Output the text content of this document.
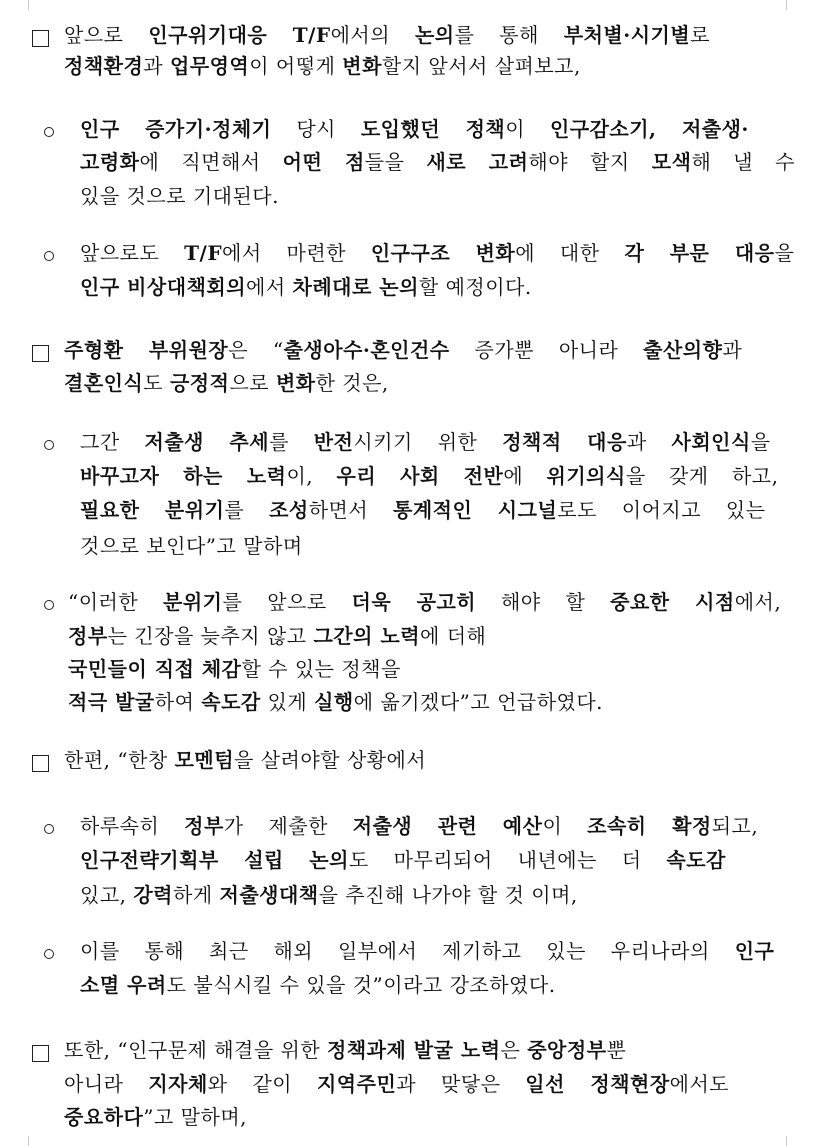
앞으로 인구위기대응 T/F에서의 논의를 통해 부처별·시기별로
정책환경과 업무영역이 어떻게 변화할지 앞서서 살펴보고,
인구 증가기·정체기 당시 도입했던 정책이 인구감소기, 저출생·
고령화에 직면해서 어떤 점들을 새로 고려해야 할지 모색해 낼 수
있을 것으로 기대된다.
앞으로도 T/F에서 마련한 인구구조 변화에 대한 각 부문 대응을
인구 비상대책회의에서 차례대로 논의할 예정이다.
주형환 부위원장은 “출생아수·혼인건수 증가뿐 아니라 출산의향과
결혼인식도 긍정적으로 변화한 것은,
그간 저출생 추세를 반전시키기 위한 정책적 대응과 사회인식을
바꾸고자 하는 노력이, 우리 사회 전반에 위기의식을 갖게 하고,
필요한 분위기를 조성하면서 통계적인 시그널로도 이어지고 있는
것으로 보인다”고 말하며
“이러한 분위기를 앞으로 더욱 공고히 해야 할 중요한 시점에서,
정부는 긴장을 늦추지 않고 그간의 노력에 더해
국민들이 직접 체감할 수 있는 정책을
적극 발굴하여 속도감 있게 실행에 옮기겠다”고 언급하였다.
한편, “한창 모멘텀을 살려야할 상황에서
하루속히 정부가 제출한 저출생 관련 예산이 조속히 확정되고,
인구전략기획부 설립 논의도 마무리되어 내년에는 더 속도감
있고, 강력하게 저출생대책을 추진해 나가야 할 것 이며,
이를 통해 최근 해외 일부에서 제기하고 있는 우리나라의 인구
소멸 우려도 불식시킬 수 있을 것”이라고 강조하였다.
또한, “인구문제 해결을 위한 정책과제 발굴 노력은 중앙정부뿐
아니라 지자체와 같이 지역주민과 맞닿은 일선 정책현장에서도
중요하다”고 말하며,
